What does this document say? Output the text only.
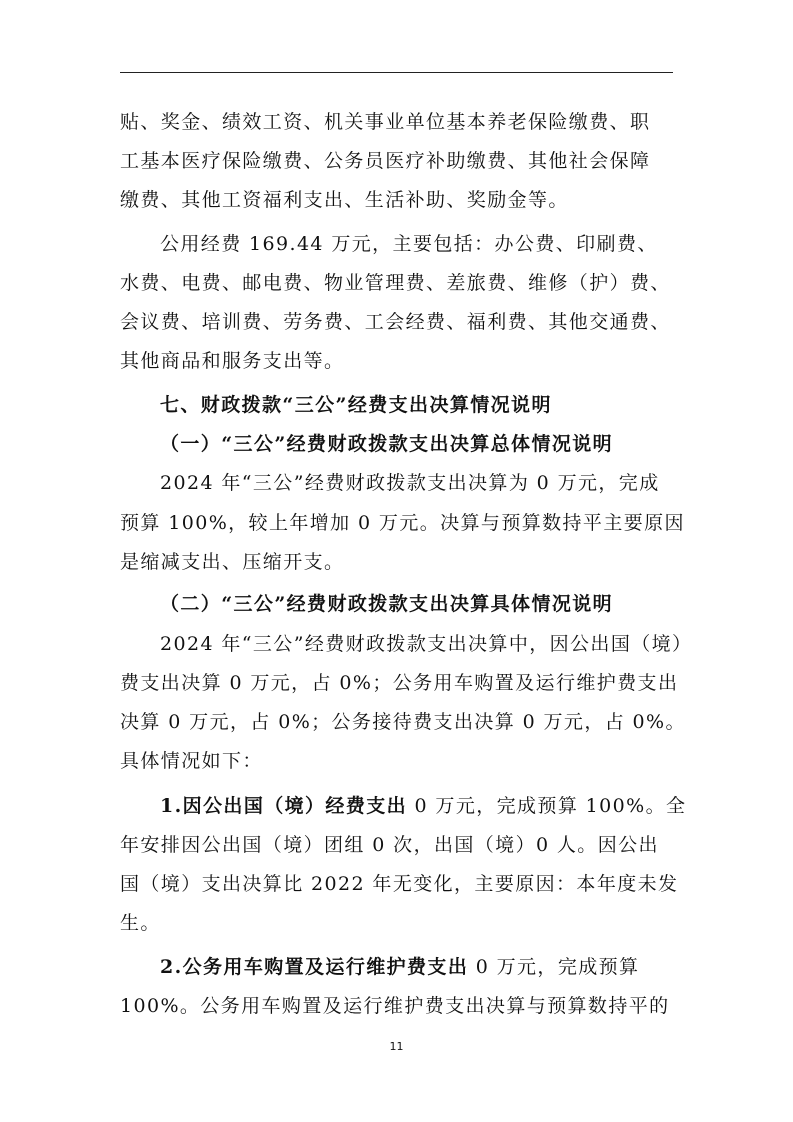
贴、奖金、绩效工资、机关事业单位基本养老保险缴费、职
工基本医疗保险缴费、公务员医疗补助缴费、其他社会保障
缴费、其他工资福利支出、生活补助、奖励金等。
公用经费 169.44 万元，主要包括：办公费、印刷费、
水费、电费、邮电费、物业管理费、差旅费、维修（护）费、
会议费、培训费、劳务费、工会经费、福利费、其他交通费、
其他商品和服务支出等。
七、财政拨款“三公”经费支出决算情况说明
（一）“三公”经费财政拨款支出决算总体情况说明
2024 年“三公”经费财政拨款支出决算为 0 万元，完成
预算 100%，较上年增加 0 万元。决算与预算数持平主要原因
是缩减支出、压缩开支。
（二）“三公”经费财政拨款支出决算具体情况说明
2024 年“三公”经费财政拨款支出决算中，因公出国（境）
费支出决算 0 万元，占 0%；公务用车购置及运行维护费支出
决算 0 万元，占 0%；公务接待费支出决算 0 万元，占 0%。
具体情况如下：
1.因公出国（境）经费支出 0 万元，完成预算 100%。全
年安排因公出国（境）团组 0 次，出国（境）0 人。因公出
国（境）支出决算比 2022 年无变化，主要原因：本年度未发
生。
2.公务用车购置及运行维护费支出 0 万元，完成预算
100%。公务用车购置及运行维护费支出决算与预算数持平的
11
